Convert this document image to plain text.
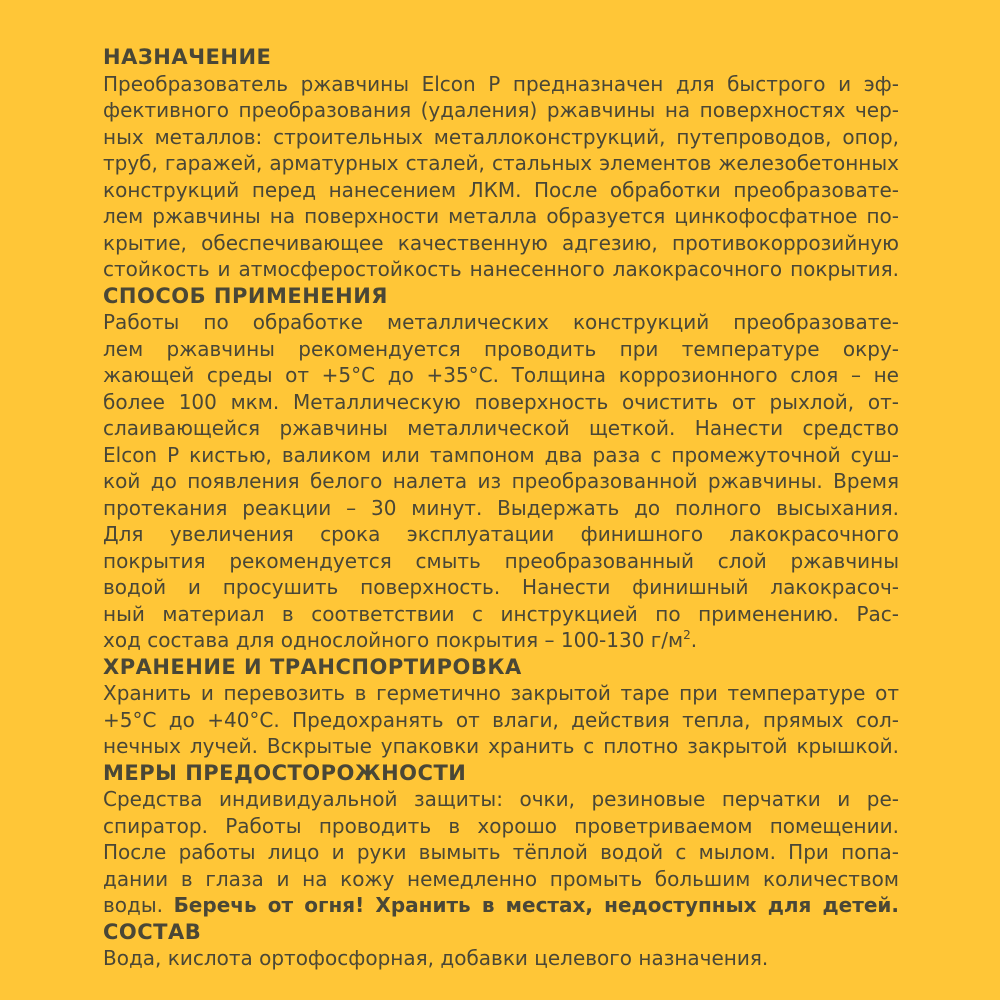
НАЗНАЧЕНИЕ
Преобразователь ржавчины Elcon P предназначен для быстрого и эф-
фективного преобразования (удаления) ржавчины на поверхностях чер-
ных металлов: строительных металлоконструкций, путепроводов, опор,
труб, гаражей, арматурных сталей, стальных элементов железобетонных
конструкций перед нанесением ЛКМ. После обработки преобразовате-
лем ржавчины на поверхности металла образуется цинкофосфатное по-
крытие, обеспечивающее качественную адгезию, противокоррозийную
стойкость и атмосферостойкость нанесенного лакокрасочного покрытия.
СПОСОБ ПРИМЕНЕНИЯ
Работы по обработке металлических конструкций преобразовате-
лем ржавчины рекомендуется проводить при температуре окру-
жающей среды от +5°С до +35°С. Толщина коррозионного слоя – не
более 100 мкм. Металлическую поверхность очистить от рыхлой, от-
слаивающейся ржавчины металлической щеткой. Нанести средство
Elcon P кистью, валиком или тампоном два раза с промежуточной суш-
кой до появления белого налета из преобразованной ржавчины. Время
протекания реакции – 30 минут. Выдержать до полного высыхания.
Для увеличения срока эксплуатации финишного лакокрасочного
покрытия рекомендуется смыть преобразованный слой ржавчины
водой и просушить поверхность. Нанести финишный лакокрасоч-
ный материал в соответствии с инструкцией по применению. Рас-
ход состава для однослойного покрытия – 100-130 $г/м^2$.
ХРАНЕНИЕ И ТРАНСПОРТИРОВКА
Хранить и перевозить в герметично закрытой таре при температуре от
+5°С до +40°С. Предохранять от влаги, действия тепла, прямых сол-
нечных лучей. Вскрытые упаковки хранить с плотно закрытой крышкой.
МЕРЫ ПРЕДОСТОРОЖНОСТИ
Средства индивидуальной защиты: очки, резиновые перчатки и ре-
спиратор. Работы проводить в хорошо проветриваемом помещении.
После работы лицо и руки вымыть тёплой водой с мылом. При попа-
дании в глаза и на кожу немедленно промыть большим количеством
воды. Беречь от огня! Хранить в местах, недоступных для детей.
СОСТАВ
Вода, кислота ортофосфорная, добавки целевого назначения.
